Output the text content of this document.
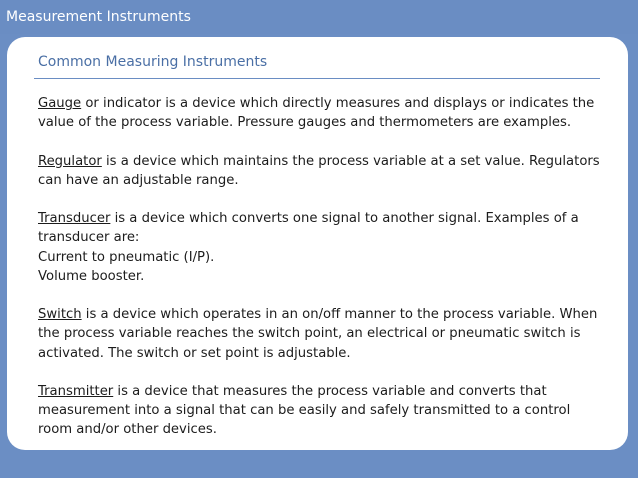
Measurement Instruments
Common Measuring Instruments

Gauge or indicator is a device which directly measures and displays or indicates the value of the process variable. Pressure gauges and thermometers are examples.

Regulator is a device which maintains the process variable at a set value. Regulators can have an adjustable range.

Transducer is a device which converts one signal to another signal. Examples of a transducer are:
Current to pneumatic (I/P).
Volume booster.

Switch is a device which operates in an on/off manner to the process variable. When the process variable reaches the switch point, an electrical or pneumatic switch is activated. The switch or set point is adjustable.

Transmitter is a device that measures the process variable and converts that measurement into a signal that can be easily and safely transmitted to a control room and/or other devices.
